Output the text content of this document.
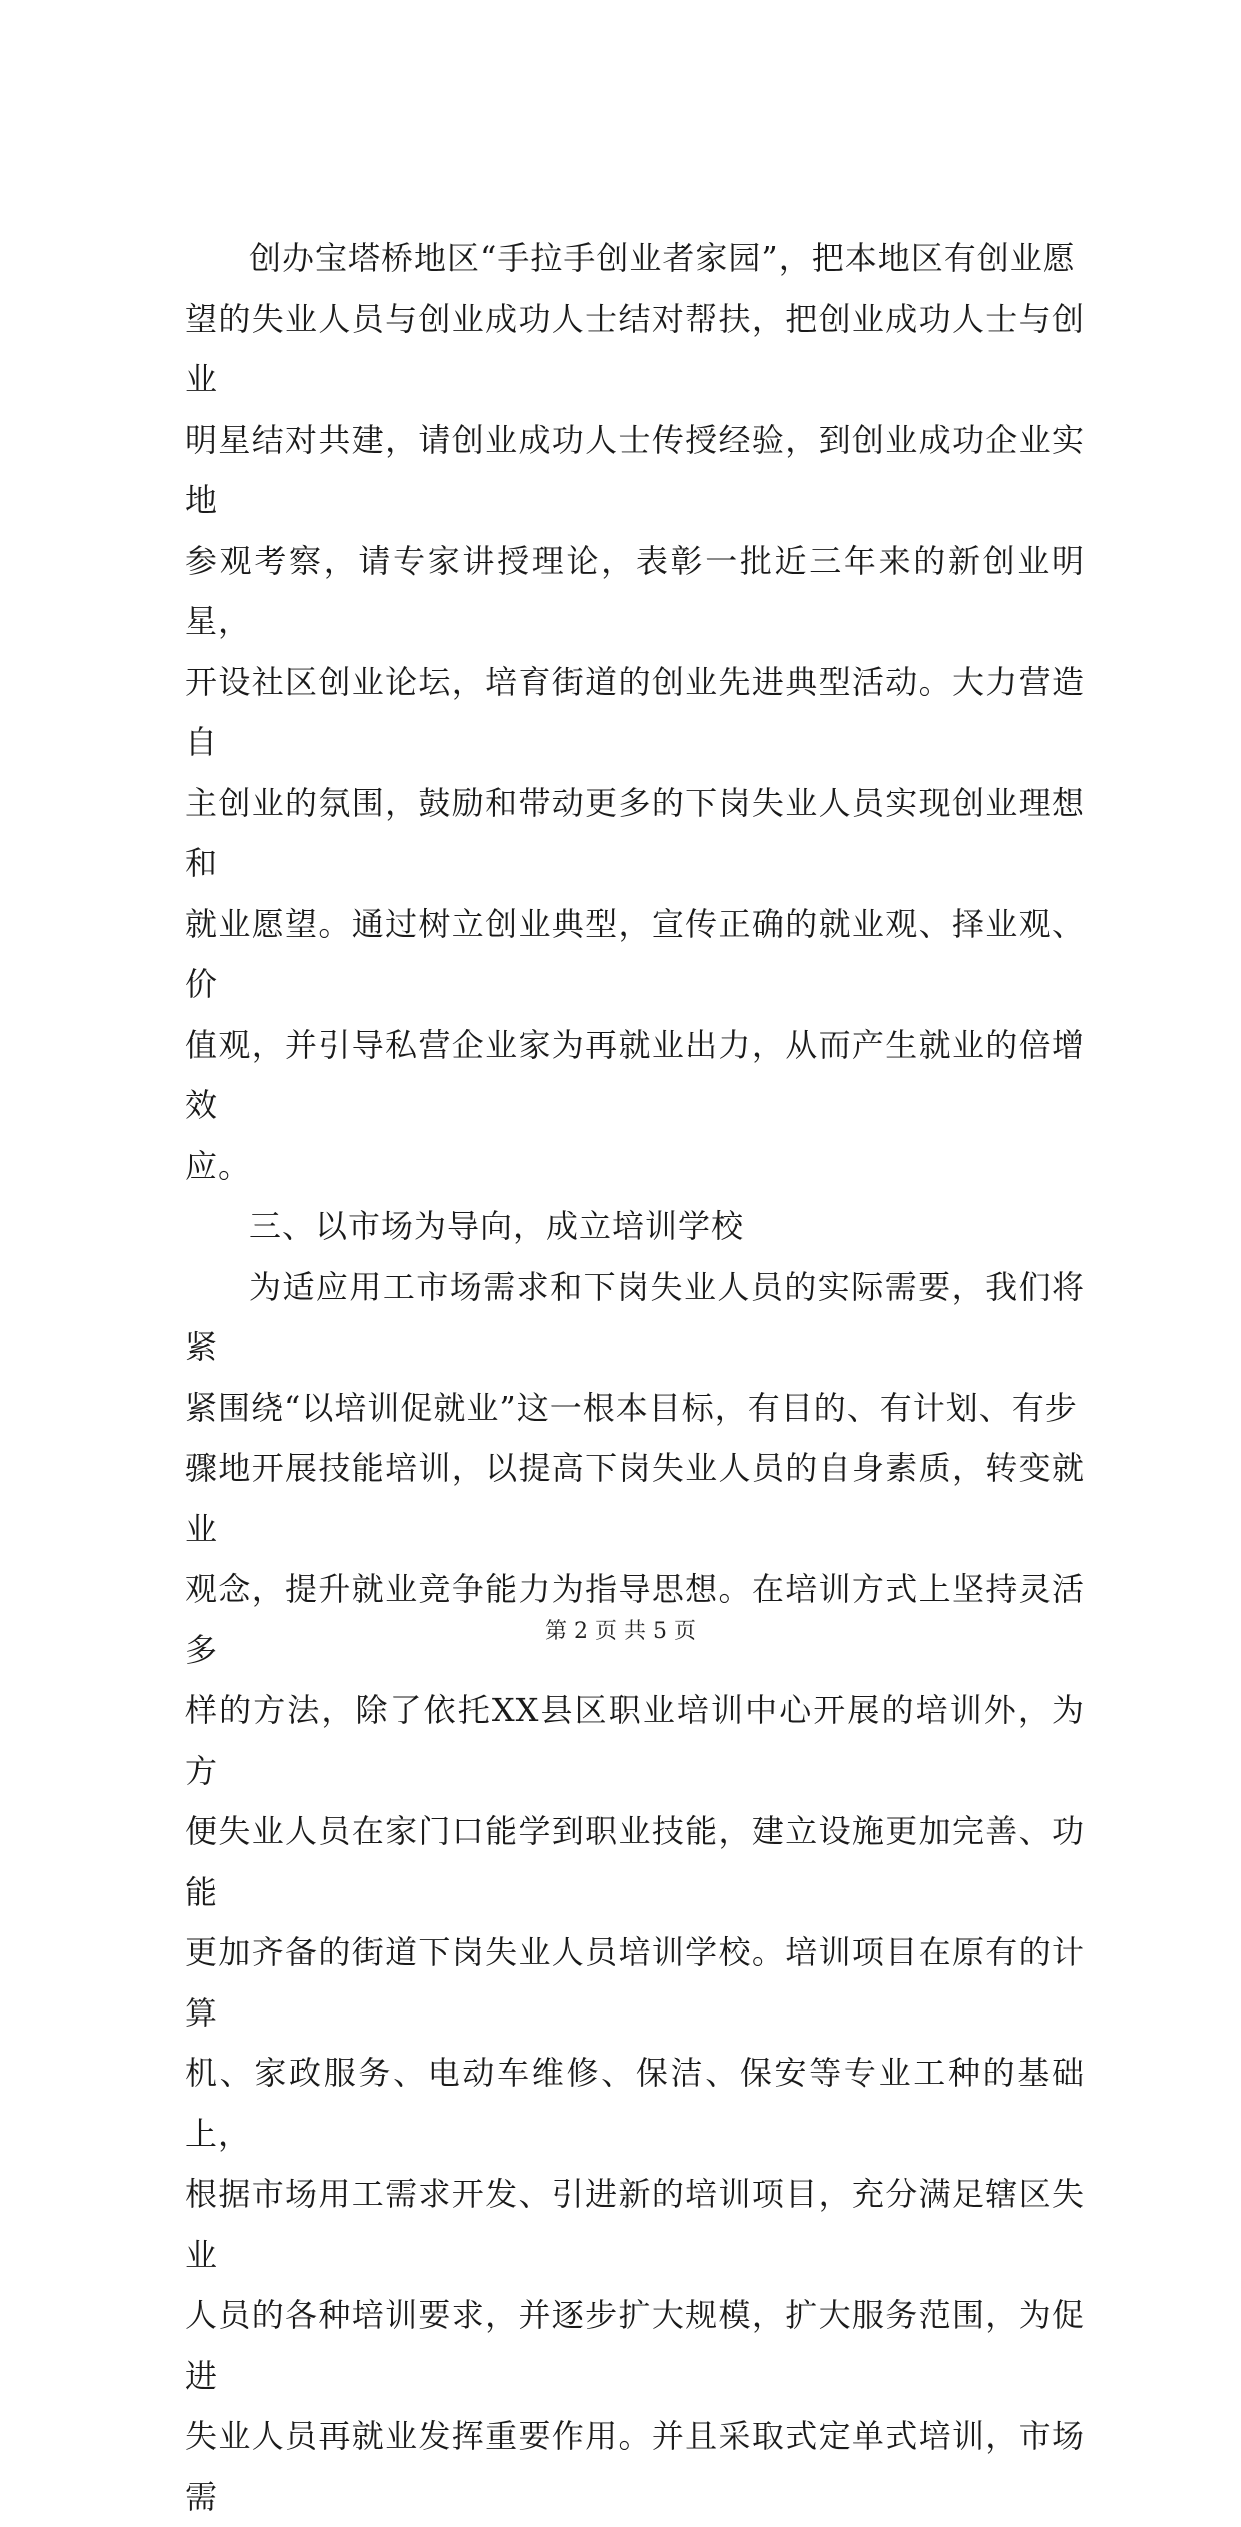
创办宝塔桥地区“手拉手创业者家园”，把本地区有创业愿
望的失业人员与创业成功人士结对帮扶，把创业成功人士与创业
明星结对共建，请创业成功人士传授经验，到创业成功企业实地
参观考察，请专家讲授理论，表彰一批近三年来的新创业明星，
开设社区创业论坛，培育街道的创业先进典型活动。大力营造自
主创业的氛围，鼓励和带动更多的下岗失业人员实现创业理想和
就业愿望。通过树立创业典型，宣传正确的就业观、择业观、价
值观，并引导私营企业家为再就业出力，从而产生就业的倍增效
应。

三、以市场为导向，成立培训学校

为适应用工市场需求和下岗失业人员的实际需要，我们将紧
紧围绕“以培训促就业”这一根本目标，有目的、有计划、有步
骤地开展技能培训，以提高下岗失业人员的自身素质，转变就业
观念，提升就业竞争能力为指导思想。在培训方式上坚持灵活多
样的方法，除了依托XX县区职业培训中心开展的培训外，为方
便失业人员在家门口能学到职业技能，建立设施更加完善、功能
更加齐备的街道下岗失业人员培训学校。培训项目在原有的计算
机、家政服务、电动车维修、保洁、保安等专业工种的基础上，
根据市场用工需求开发、引进新的培训项目，充分满足辖区失业
人员的各种培训要求，并逐步扩大规模，扩大服务范围，为促进
失业人员再就业发挥重要作用。并且采取式定单式培训，市场需

第 2 页 共 5 页
